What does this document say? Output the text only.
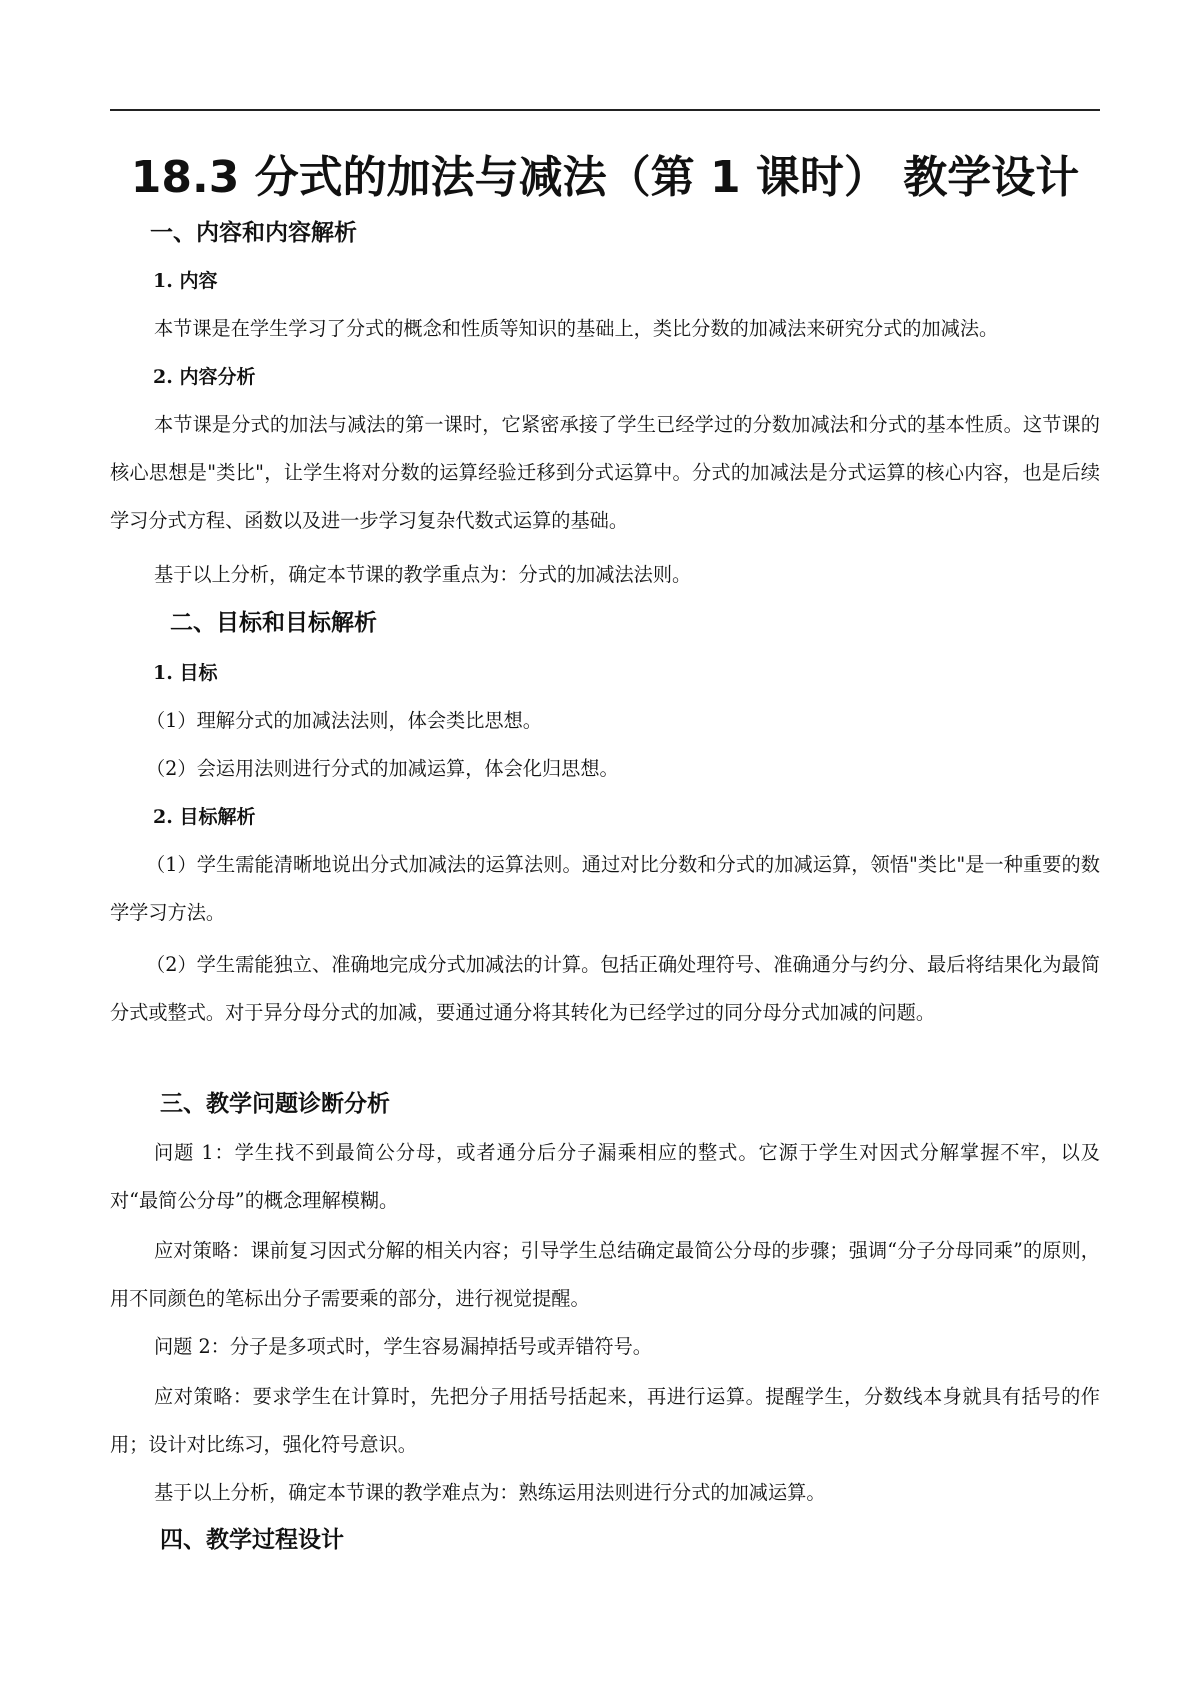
18.3 分式的加法与减法（第 1 课时） 教学设计
一、内容和内容解析
1. 内容

本节课是在学生学习了分式的概念和性质等知识的基础上，类比分数的加减法来研究分式的加减法。

2. 内容分析

本节课是分式的加法与减法的第一课时，它紧密承接了学生已经学过的分数加减法和分式的基本性质。这节课的核心思想是"类比"，让学生将对分数的运算经验迁移到分式运算中。分式的加减法是分式运算的核心内容，也是后续学习分式方程、函数以及进一步学习复杂代数式运算的基础。

基于以上分析，确定本节课的教学重点为：分式的加减法法则。

二、目标和目标解析
1. 目标

（1）理解分式的加减法法则，体会类比思想。

（2）会运用法则进行分式的加减运算，体会化归思想。

2. 目标解析

（1）学生需能清晰地说出分式加减法的运算法则。通过对比分数和分式的加减运算，领悟"类比"是一种重要的数学学习方法。

（2）学生需能独立、准确地完成分式加减法的计算。包括正确处理符号、准确通分与约分、最后将结果化为最简分式或整式。对于异分母分式的加减，要通过通分将其转化为已经学过的同分母分式加减的问题。

三、教学问题诊断分析

问题 1：学生找不到最简公分母，或者通分后分子漏乘相应的整式。它源于学生对因式分解掌握不牢，以及对“最简公分母”的概念理解模糊。

应对策略：课前复习因式分解的相关内容；引导学生总结确定最简公分母的步骤；强调“分子分母同乘”的原则，用不同颜色的笔标出分子需要乘的部分，进行视觉提醒。

问题 2：分子是多项式时，学生容易漏掉括号或弄错符号。

应对策略：要求学生在计算时，先把分子用括号括起来，再进行运算。提醒学生，分数线本身就具有括号的作用；设计对比练习，强化符号意识。

基于以上分析，确定本节课的教学难点为：熟练运用法则进行分式的加减运算。

四、教学过程设计
